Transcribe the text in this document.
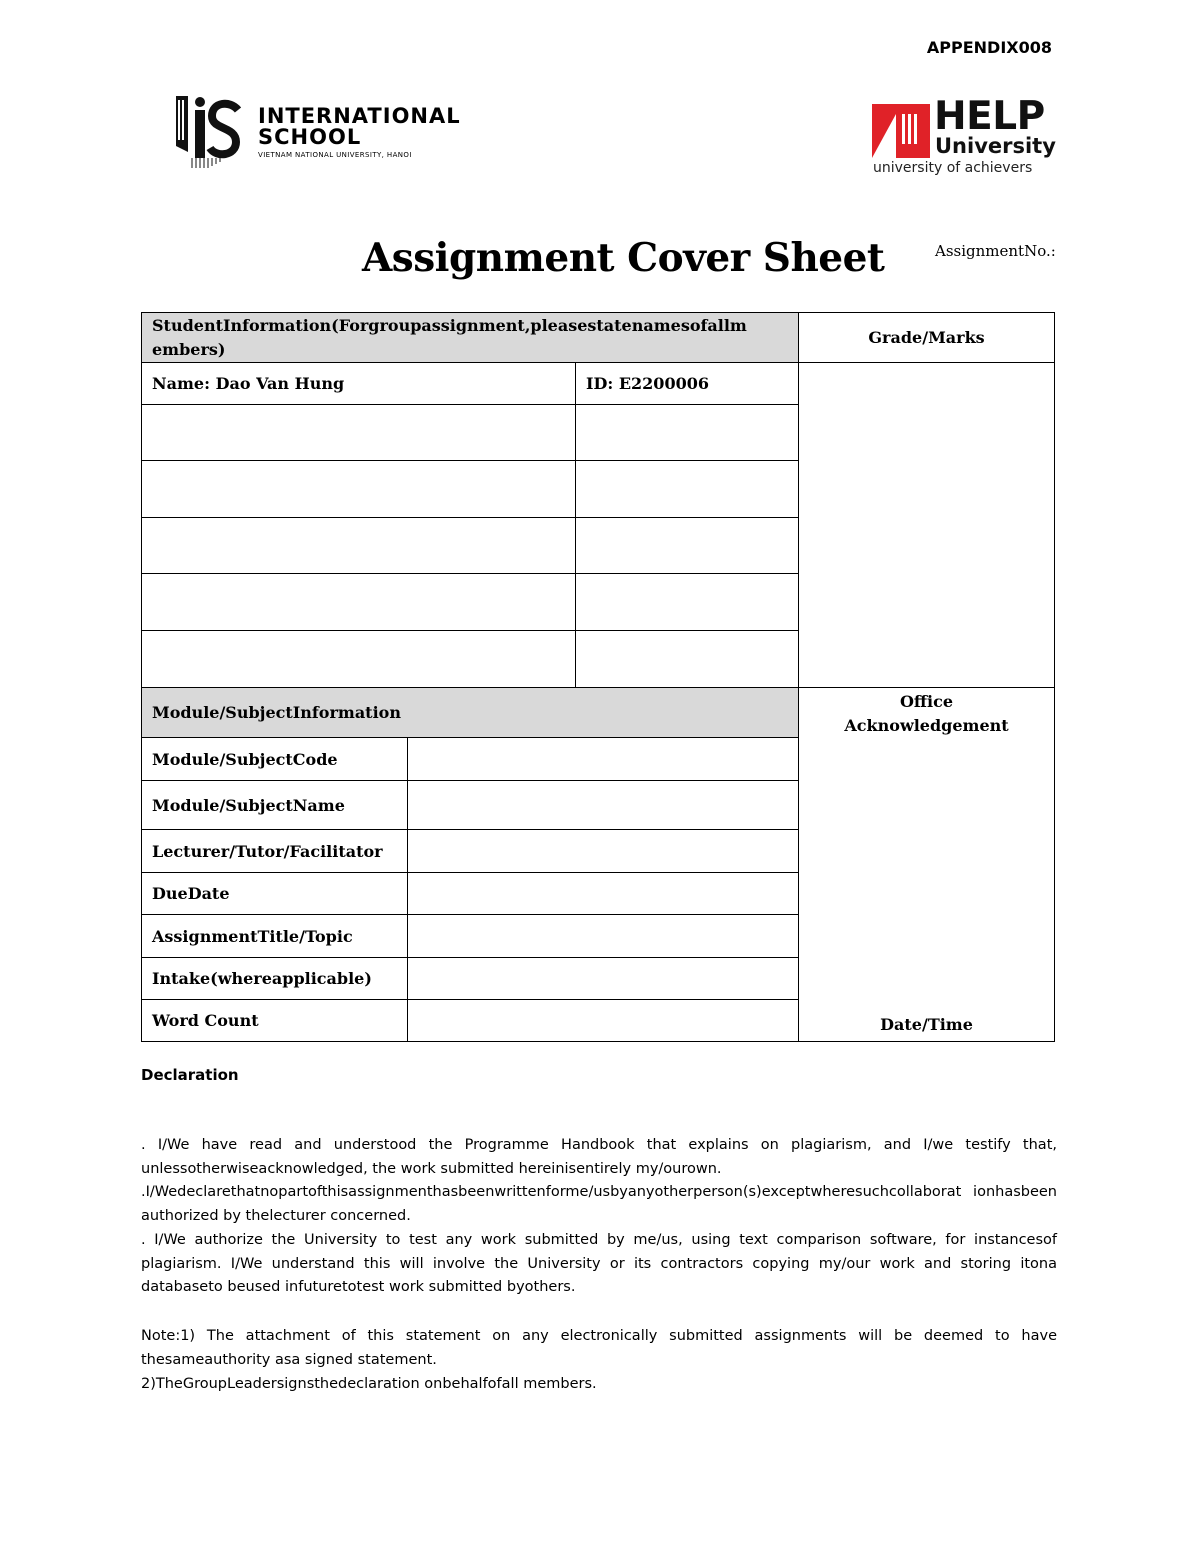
APPENDIX008
INTERNATIONAL
SCHOOL
VIETNAM NATIONAL UNIVERSITY, HANOI
HELP
University
university of achievers
Assignment Cover Sheet	AssignmentNo.:
StudentInformation(Forgroupassignment,pleasestatenamesofallm embers)			Grade/Marks
Name: Dao Van Hung		ID: E2200006	

Module/SubjectInformation			Office
Acknowledgement
Date/Time

Module/SubjectCode			
Module/SubjectName			
Lecturer/Tutor/Facilitator			
DueDate			
AssignmentTitle/Topic			
Intake(whereapplicable)			
Word Count			
Declaration
. I/We have read and understood the Programme Handbook that explains on plagiarism, and I/we testify that, unlessotherwiseacknowledged, the work submitted hereinisentirely my/ourown.
.I/Wedeclarethatnopartofthisassignmenthasbeenwrittenforme/usbyanyotherperson(s)exceptwheresuchcollaborat ionhasbeen authorized by thelecturer concerned.
. I/We authorize the University to test any work submitted by me/us, using text comparison software, for instancesof plagiarism. I/We understand this will involve the University or its contractors copying my/our work and storing itona databaseto beused infuturetotest work submitted byothers.
Note:1) The attachment of this statement on any electronically submitted assignments will be deemed to have thesameauthority asa signed statement.
2)TheGroupLeadersignsthedeclaration onbehalfofall members.
